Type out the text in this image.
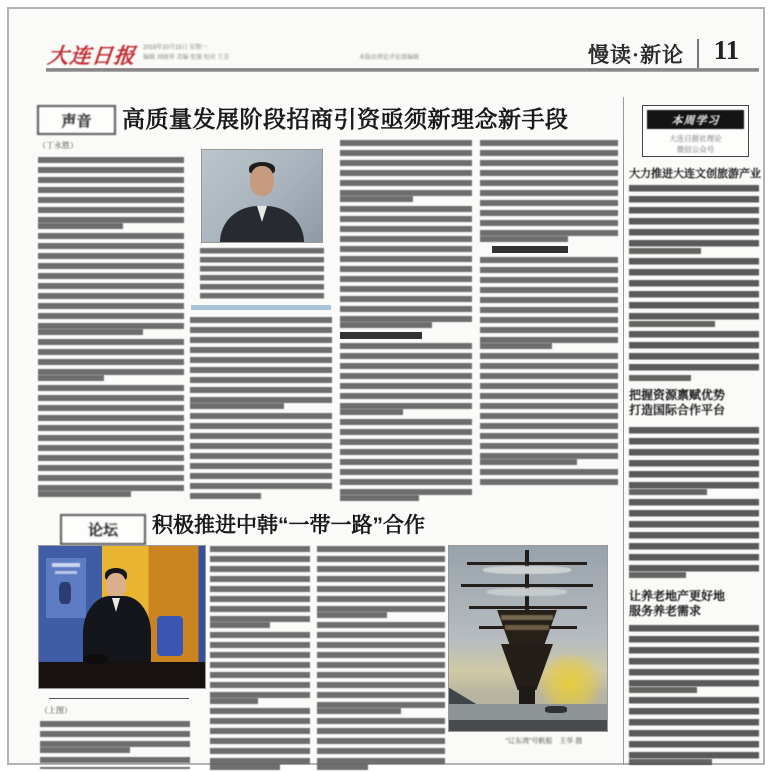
大连日报	2018年10月15日 星期一
编辑 刘晓华 美编 张强 校对 王芳	本版由理论评论部编辑	慢读·新论	11
声音 高质量发展阶段招商引资亟须新理念新手段
（丁永胜）
论坛 积极推进中韩“一带一路”合作
（上图）
“辽东湾”号帆船　王华 摄
本周学习
大连日报社理论
微信公众号
大力推进大连文创旅游产业
把握资源禀赋优势
打造国际合作平台
让养老地产更好地
服务养老需求
